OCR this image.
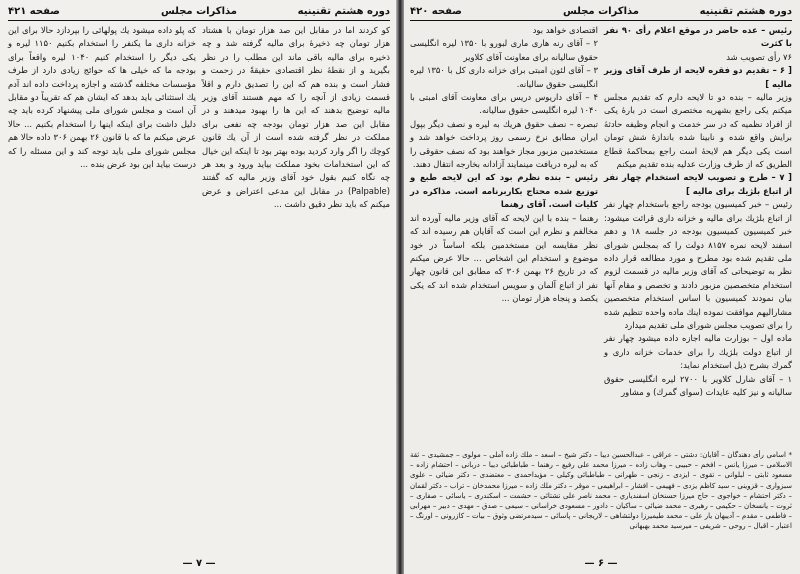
دوره هشتم تقنينيه
مذاكرات مجلس
صفحه ۴۲۱

كو كردند اما در مقابل اين صد هزار تومان با هشتاد هزار تومان چه ذخيرهٔ براى ماليه گرفته شد و چه ذخيره براى ماليه باقى ماند اين مطلب را در نظر بگيريد و از نقطهٔ نظر اقتصادى حقيقةً در زحمت و فشار است و بنده هم كه اين را تصديق دارم و اقلاً قسمت زيادى از آنچه را كه مهم هستند آقاى وزير ماليه توضيح بدهند كه اين ها را بهبود ميدهند و در مقابل اين صد هزار تومان بودجه چه نفعى براى مملكت در نظر گرفته شده است از آن يك قانون كوچك را اگر وارد كرديد بوده بهتر بود تا اينكه اين خيال كه اين استخدامات بخود مملكت بيايد ورود و بعد هر چه نگاه كنيم بقول خود آقاى وزير ماليه كه گفتند (Palpable) در مقابل اين مدعى اعتراض و عرض ميكنم كه بايد نظر دقيق داشت ...

كه پلو داده ميشود يك پولهائى را بپردازد حالا براى اين خزانه دارى ما يكنفر را استخدام بكنيم ۱۱۵۰ ليره و يكى ديگر را استخدام كنيم ۱۰۴۰ ليره واقعاً براى بودجه ما كه خيلى ها كه حوائج زيادى دارد از طرف مؤسسات مختلفه گذشته و اجازه پرداخت داده اند آدم يك استثنائى بايد بدهد كه ايشان هم كه تقريباً دو مقابل آن است و مجلس شوراى ملى پيشنهاد كرده بايد چه دليل داشت براى اينكه اينها را استخدام بكنيم ... حالا عرض ميكنم ما كه با قانون ۲۶ بهمن ۳۰۶ داده حالا هم مجلس شوراى ملى بايد توجه كند و اين مسئله را كه درست بيايد اين بود عرض بنده ...

— ۷ —
دوره هشتم تقنينيه
مذاكرات مجلس
صفحه ۴۲۰

رئيس – عده حاضر در موقع اعلام رأى ۹۰ نفر با كثرت

۷۶ رأى تصويب شد

[ ۶ – تقديم دو فقره لايحه از طرف آقاى وزير ماليه ]

وزير ماليه – بنده دو تا لايحه دارم كه تقديم مجلس ميكنم يكى راجع بشهريه مختصرى است در بارهٔ يكى از افراد نظميه كه در سر خدمت و انجام وظيفه حادثهٔ برايش واقع شده و نابينا شده باندازهٔ شش تومان است يكى ديگر هم لايحهٔ است راجع بمحاكمهٔ قطاع الطريق كه از طرف وزارت عدليه بنده تقديم ميكنم

[ ۷ – طرح و تصويب لايحه استخدام چهار نفر از اتباع بلژيك براى ماليه ]

رئيس – خبر كميسيون بودجه راجع باستخدام چهار نفر از اتباع بلژيك براى ماليه و خزانه دارى قرائت ميشود: خبر كميسيون كميسيون بودجه در جلسه ۱۸ و دهم اسفند لايحه نمره ۸۱۵۷ دولت را كه بمجلس شوراى ملى تقديم شده بود مطرح و مورد مطالعه قرار داده نظر به توضيحاتى كه آقاى وزير ماليه در قسمت لزوم استخدام متخصصين مزبور دادند و تخصص و مقام آنها بيان نمودند كميسيون با اساس استخدام متخصصين مشاراليهم موافقت نموده اينك ماده واحده تنظيم شده را براى تصويب مجلس شوراى ملى تقديم ميدارد

ماده اول – بوزارت ماليه اجازه داده ميشود چهار نفر از اتباع دولت بلژيك را براى خدمات خزانه دارى و گمرك بشرح ذيل استخدام نمايد:

۱ – آقاى شارل كلاوير با ۲۷۰۰ ليره انگليسى حقوق ساليانه و نيز كليه عايدات (سواى گمرك) و مشاور

اقتصادى خواهد بود

۲ – آقاى رنه هارى مارى لبورو با ۱۳۵۰ ليره انگليسى حقوق ساليانه براى معاونت آقاى كلاوير

۳ – آقاى لئون امبتى براى خزانه دارى كل با ۱۳۵۰ ليره انگليسى حقوق ساليانه.

۴ – آقاى داريوس دريس براى معاونت آقاى امبتى با ۱۰۴۰ ليره انگليسى حقوق ساليانه.

تبصره – نصف حقوق هريك به ليره و نصف ديگر بپول ايران مطابق نرخ رسمى روز پرداخت خواهد شد و مستخدمين مزبور مجاز خواهند بود كه نصف حقوقى را كه به ليره دريافت مينمايند آزادانه بخارجه انتقال دهند.

رئيس – بنده نظرم بود كه اين لايحه طبع و توزيع شده محتاج بكاربرنامه است. مذاكره در كليات است. آقاى رهنما

رهنما – بنده با اين لايحه كه آقاى وزير ماليه آورده اند مخالفم و نظرم اين است كه آقايان هم رسيده اند كه نظر مقايسه اين مستخدمين بلكه اساساً در خود موضوع و استخدام اين اشخاص ... حالا عرض ميكنم كه در تاريخ ۲۶ بهمن ۳۰۶ كه مطابق اين قانون چهار نفر از اتباع آلمان و سويس استخدام شده اند كه يكى يكصد و پنجاه هزار تومان ...

* اسامى رأى دهندگان – آقايان: دشتى – عراقى – عبدالحسين ديبا – دكتر شيخ – اسعد – ملك زاده آملى – مولوى – جمشيدى – ثقة الاسلامى – ميرزا يانس – افخم – حبيبى – وهاب زاده – ميرزا محمد على رفيع – رهنما – طباطبائى ديبا – دربانى – احتشام زاده – مسعود ثابتى – لبلوانى – تقوى – ايزدى – زنجى – طهرانى – طباطبائى وكيلى – مؤيداحمدى – معتضدى – دكتر ضيائى – علوى سبزوارى – قزوينى – سيد كاظم يزدى – فهيمى – افشار – ابراهيمى – موقر – دكتر ملك زاده – ميرزا محمدخان – تراب – دكتر لقمان – دكتر احتشام – خواجوى – حاج ميرزا حسنخان اسفندياري – محمد ناصر على تشتائى – حشمت – اسكندرى – ياسائى – صفارى – ثروت – يانسخان – حكيمى – رهبرى – محمد ضيائى – ساكيان – دادور – مسعودى خراسانى – سيمى – صدق – مهدى – دبير – مهرابى – فاطمى – مقدم – آديبهان يار على – محمد طيميرزا دولتشاهى – لاريجانى – پاسائى – سيدمرتضى وثوق – بيات – كازرونى – اورنگ – اعتبار – اقبال – روحى – شريفى – ميرسيد محمد بهبهانى
— ۶ —
